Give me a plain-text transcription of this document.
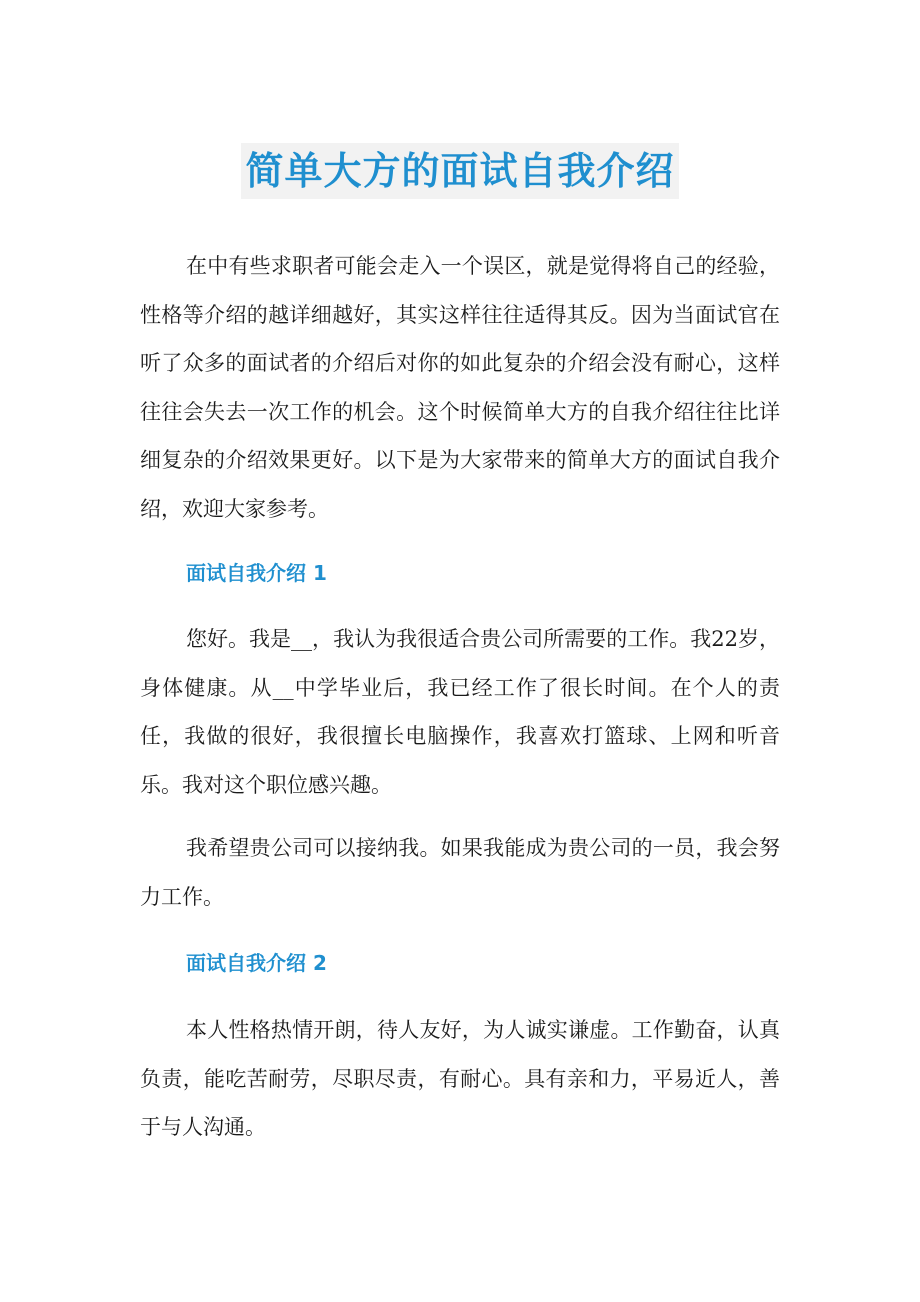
简单大方的面试自我介绍

在中有些求职者可能会走入一个误区，就是觉得将自己的经验，性格等介绍的越详细越好，其实这样往往适得其反。因为当面试官在听了众多的面试者的介绍后对你的如此复杂的介绍会没有耐心，这样往往会失去一次工作的机会。这个时候简单大方的自我介绍往往比详细复杂的介绍效果更好。以下是为大家带来的简单大方的面试自我介绍，欢迎大家参考。

面试自我介绍 1

您好。我是__，我认为我很适合贵公司所需要的工作。我22岁，身体健康。从__中学毕业后，我已经工作了很长时间。在个人的责任，我做的很好，我很擅长电脑操作，我喜欢打篮球、上网和听音乐。我对这个职位感兴趣。

我希望贵公司可以接纳我。如果我能成为贵公司的一员，我会努力工作。

面试自我介绍 2

本人性格热情开朗，待人友好，为人诚实谦虚。工作勤奋，认真负责，能吃苦耐劳，尽职尽责，有耐心。具有亲和力，平易近人，善于与人沟通。
